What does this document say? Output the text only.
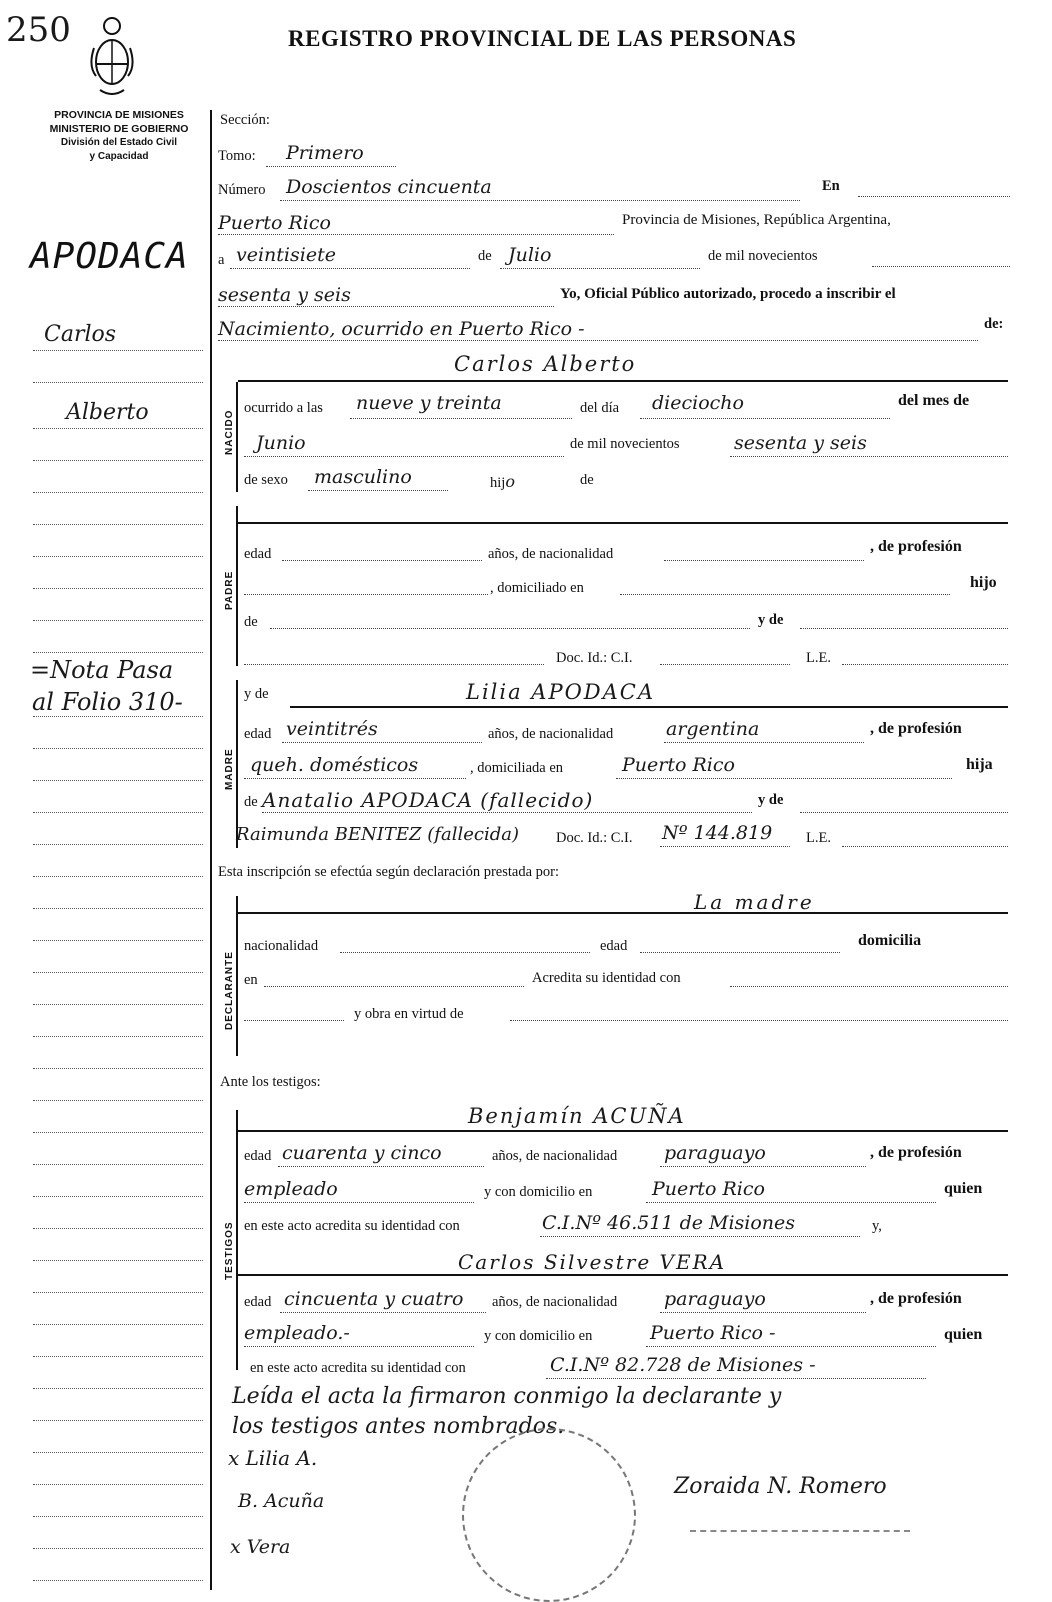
250	REGISTRO PROVINCIAL DE LAS PERSONAS
PROVINCIA DE MISIONES
MINISTERIO DE GOBIERNO
División del Estado Civil
y Capacidad
APODACA
Carlos
Alberto
=Nota Pasa
al Folio 310-
Sección:
Tomo: Primero
Número Doscientos cincuenta	En
Puerto Rico	Provincia de Misiones, República Argentina,
a veintisiete	de Julio	de mil novecientos
sesenta y seis	Yo, Oficial Público autorizado, procedo a inscribir el
Nacimiento, ocurrido en Puerto Rico -	de:
NACIDO
Carlos Alberto
ocurrido a las nueve y treinta	del día dieciocho	del mes de
Junio	de mil novecientos	sesenta y seis
de sexo masculino	hijo	de
PADRE
edad	años, de nacionalidad	, de profesión
, domiciliado en	hijo
de	y de
Doc. Id.: C.I.	L.E.
MADRE
y de	Lilia APODACA
edad veintitrés	años, de nacionalidad	argentina	, de profesión
queh. domésticos	, domiciliada en	Puerto Rico	hija
de Anatalio APODACA (fallecido)	y de
Raimunda BENITEZ (fallecida)	Doc. Id.: C.I. Nº 144.819 L.E.
Esta inscripción se efectúa según declaración prestada por:
DECLARANTE
La madre
nacionalidad	edad	domicilia
en	Acredita su identidad con
y obra en virtud de
Ante los testigos:
TESTIGOS
Benjamín ACUÑA
edad cuarenta y cinco	años, de nacionalidad paraguayo	, de profesión
empleado	y con domicilio en	Puerto Rico	quien
en este acto acredita su identidad con	C.I.Nº 46.511 de Misiones	y,
Carlos Silvestre VERA
edad cincuenta y cuatro años, de nacionalidad paraguayo	, de profesión
empleado.-	y con domicilio en	Puerto Rico -	quien
en este acto acredita su identidad con	C.I.Nº 82.728 de Misiones -
Leída el acta la firmaron conmigo la declarante y
los testigos antes nombrados.
x Lilia A.
B. Acuña
x Vera
Zoraida N. Romero
